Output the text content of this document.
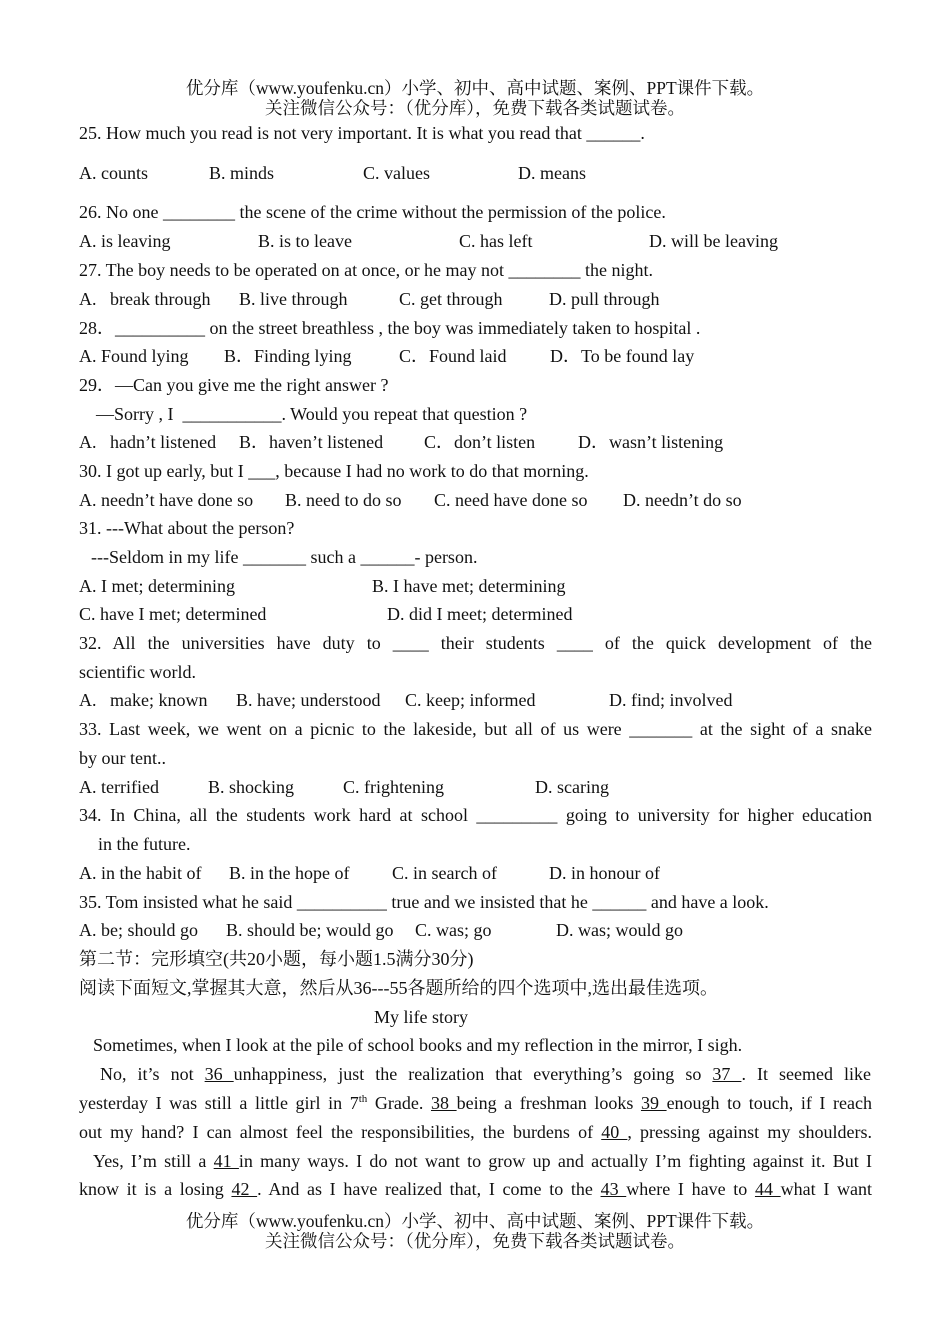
优分库（www.youfenku.cn）小学、初中、高中试题、案例、PPT课件下载。
关注微信公众号：（优分库），免费下载各类试题试卷。
25. How much you read is not very important. It is what you read that ______.

A. counts

	B. minds

	C. values

	D. means

26. No one ________ the scene of the crime without the permission of the police.

A. is leaving

	B. is to leave

	C. has left

	D. will be leaving

27. The boy needs to be operated on at once, or he may not ________ the night.

A.   break through

B. live through

	C. get through

	D. pull through

28．__________ on the street breathless , the boy was immediately taken to hospital .

A. Found lying

B．Finding lying

	C．Found laid

D．To be found lay

29．—Can you give me the right answer ?
—Sorry , I  ___________. Would you repeat that question ?

A.   hadn’t listened

B．haven’t listened

C．don’t listen

D．wasn’t listening

30. I got up early, but I ___, because I had no work to do that morning.

A. needn’t have done so

B. need to do so

C. need have done so

D. needn’t do so

31. ---What about the person?
---Seldom in my life _______ such a ______- person.

A. I met; determining

	B. I have met; determining

C. have I met; determined

	D. did I meet; determined

32. All the universities have duty to ____ their students ____ of the quick development of the
scientific world.

A.   make; known

B. have; understood

C. keep; informed

	D. find; involved

33. Last week, we went on a picnic to the lakeside, but all of us were _______ at the sight of a snake
by our tent..

A. terrified

	B. shocking

	C. frightening

	D. scaring

34. In China, all the students work hard at school _________ going to university for higher education
in the future.

A. in the habit of

B. in the hope of

C. in search of

	D. in honour of

35. Tom insisted what he said __________ true and we insisted that he ______ and have a look.

A. be; should go

B. should be; would go

C. was; go

	D. was; would go

第二节：完形填空(共20小题，每小题1.5满分30分)
阅读下面短文,掌握其大意，然后从36---55各题所给的四个选项中,选出最佳选项。
My life story
Sometimes, when I look at the pile of school books and my reflection in the mirror, I sigh.
No, it’s not 36 unhappiness, just the realization that everything’s going so 37 . It seemed like
yesterday I was still a little girl in 7th Grade. 38 being a freshman looks 39 enough to touch, if I reach
out my hand? I can almost feel the responsibilities, the burdens of 40 , pressing against my shoulders.
Yes, I’m still a 41 in many ways. I do not want to grow up and actually I’m fighting against it. But I
know it is a losing 42 . And as I have realized that, I come to the 43 where I have to 44 what I want
优分库（www.youfenku.cn）小学、初中、高中试题、案例、PPT课件下载。
关注微信公众号：（优分库），免费下载各类试题试卷。
